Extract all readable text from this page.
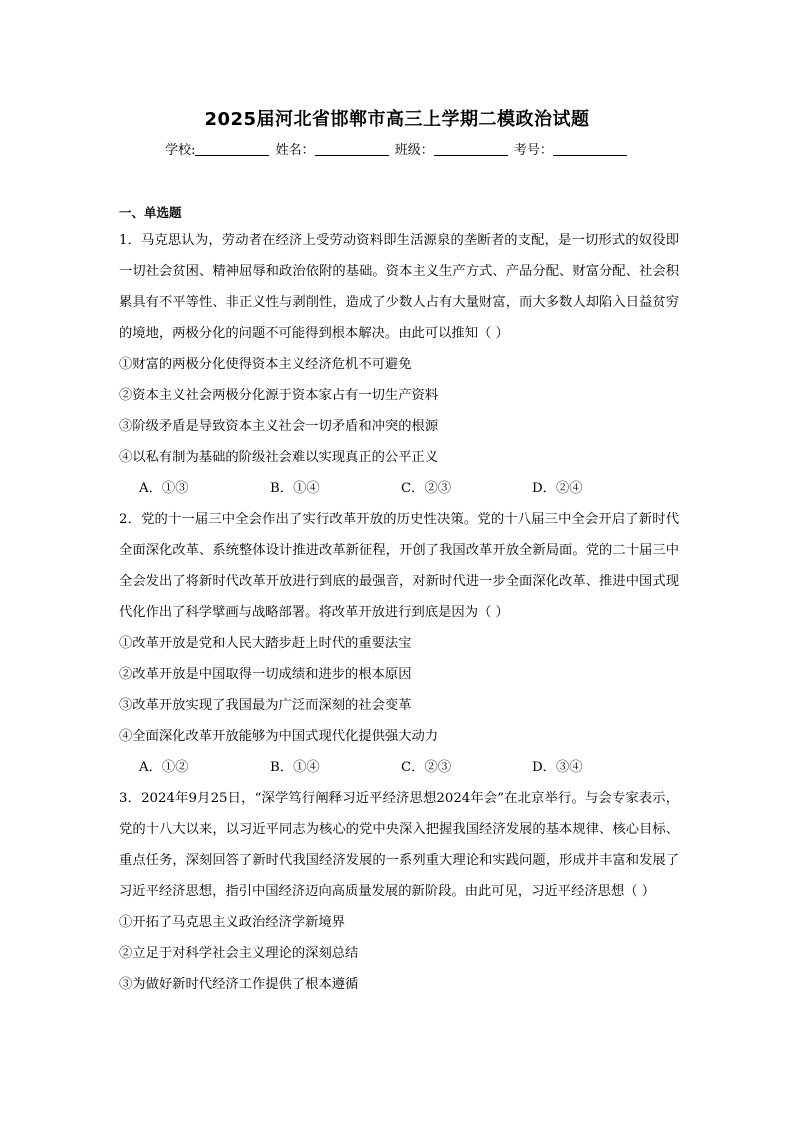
2025届河北省邯郸市高三上学期二模政治试题
学校:	姓名：	班级：	考号：
一、单选题

1．马克思认为，劳动者在经济上受劳动资料即生活源泉的垄断者的支配，是一切形式的奴役即一切社会贫困、精神屈辱和政治依附的基础。资本主义生产方式、产品分配、财富分配、社会积累具有不平等性、非正义性与剥削性，造成了少数人占有大量财富，而大多数人却陷入日益贫穷的境地，两极分化的问题不可能得到根本解决。由此可以推知（ ）

①财富的两极分化使得资本主义经济危机不可避免

②资本主义社会两极分化源于资本家占有一切生产资料

③阶级矛盾是导致资本主义社会一切矛盾和冲突的根源

④以私有制为基础的阶级社会难以实现真正的公平正义

A．①③	B．①④	C．②③	D．②④

2．党的十一届三中全会作出了实行改革开放的历史性决策。党的十八届三中全会开启了新时代全面深化改革、系统整体设计推进改革新征程，开创了我国改革开放全新局面。党的二十届三中全会发出了将新时代改革开放进行到底的最强音，对新时代进一步全面深化改革、推进中国式现代化作出了科学擘画与战略部署。将改革开放进行到底是因为（ ）

①改革开放是党和人民大踏步赶上时代的重要法宝

②改革开放是中国取得一切成绩和进步的根本原因

③改革开放实现了我国最为广泛而深刻的社会变革

④全面深化改革开放能够为中国式现代化提供强大动力

A．①②	B．①④	C．②③	D．③④

3．2024年9月25日，“深学笃行阐释习近平经济思想2024年会”在北京举行。与会专家表示，党的十八大以来，以习近平同志为核心的党中央深入把握我国经济发展的基本规律、核心目标、重点任务，深刻回答了新时代我国经济发展的一系列重大理论和实践问题，形成并丰富和发展了习近平经济思想，指引中国经济迈向高质量发展的新阶段。由此可见，习近平经济思想（ ）

①开拓了马克思主义政治经济学新境界

②立足于对科学社会主义理论的深刻总结

③为做好新时代经济工作提供了根本遵循
